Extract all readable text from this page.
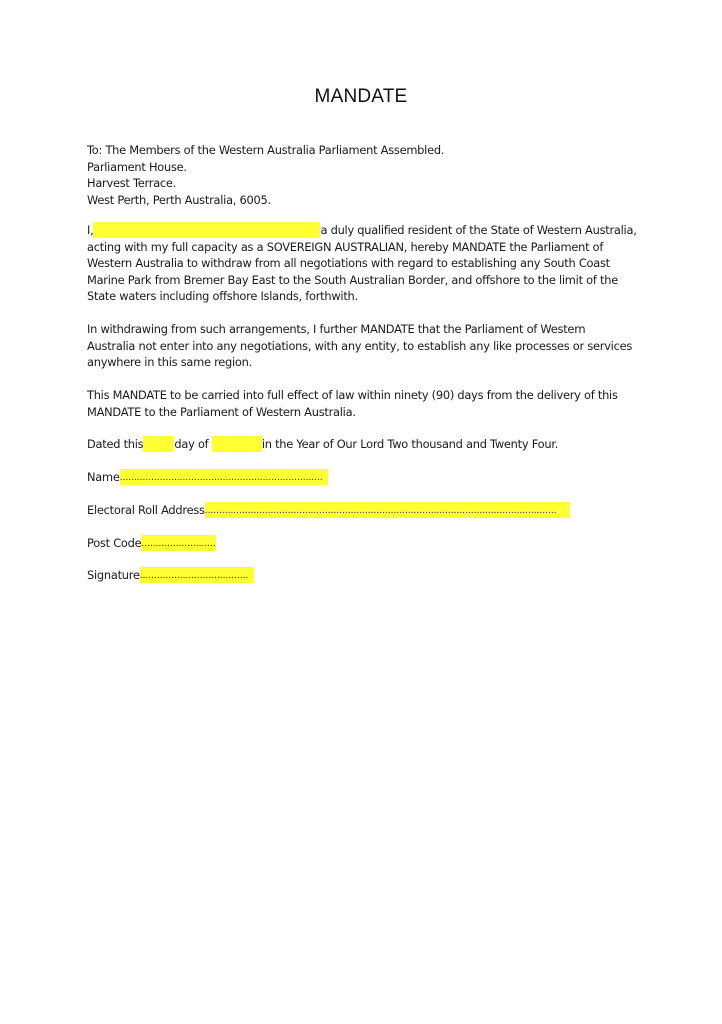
MANDATE
To: The Members of the Western Australia Parliament Assembled.
Parliament House.
Harvest Terrace.
West Perth, Perth Australia, 6005.
I,	a duly qualified resident of the State of Western Australia,
acting with my full capacity as a SOVEREIGN AUSTRALIAN, hereby MANDATE the Parliament of
Western Australia to withdraw from all negotiations with regard to establishing any South Coast
Marine Park from Bremer Bay East to the South Australian Border, and offshore to the limit of the
State waters including offshore Islands, forthwith.
In withdrawing from such arrangements, I further MANDATE that the Parliament of Western
Australia not enter into any negotiations, with any entity, to establish any like processes or services
anywhere in this same region.
This MANDATE to be carried into full effect of law within ninety (90) days from the delivery of this
MANDATE to the Parliament of Western Australia.
Dated this	day of	in the Year of Our Lord Two thousand and Twenty Four.
Name.......................................................................
Electoral Roll Address...........................................................................................................................
Post Code..........................
Signature......................................
